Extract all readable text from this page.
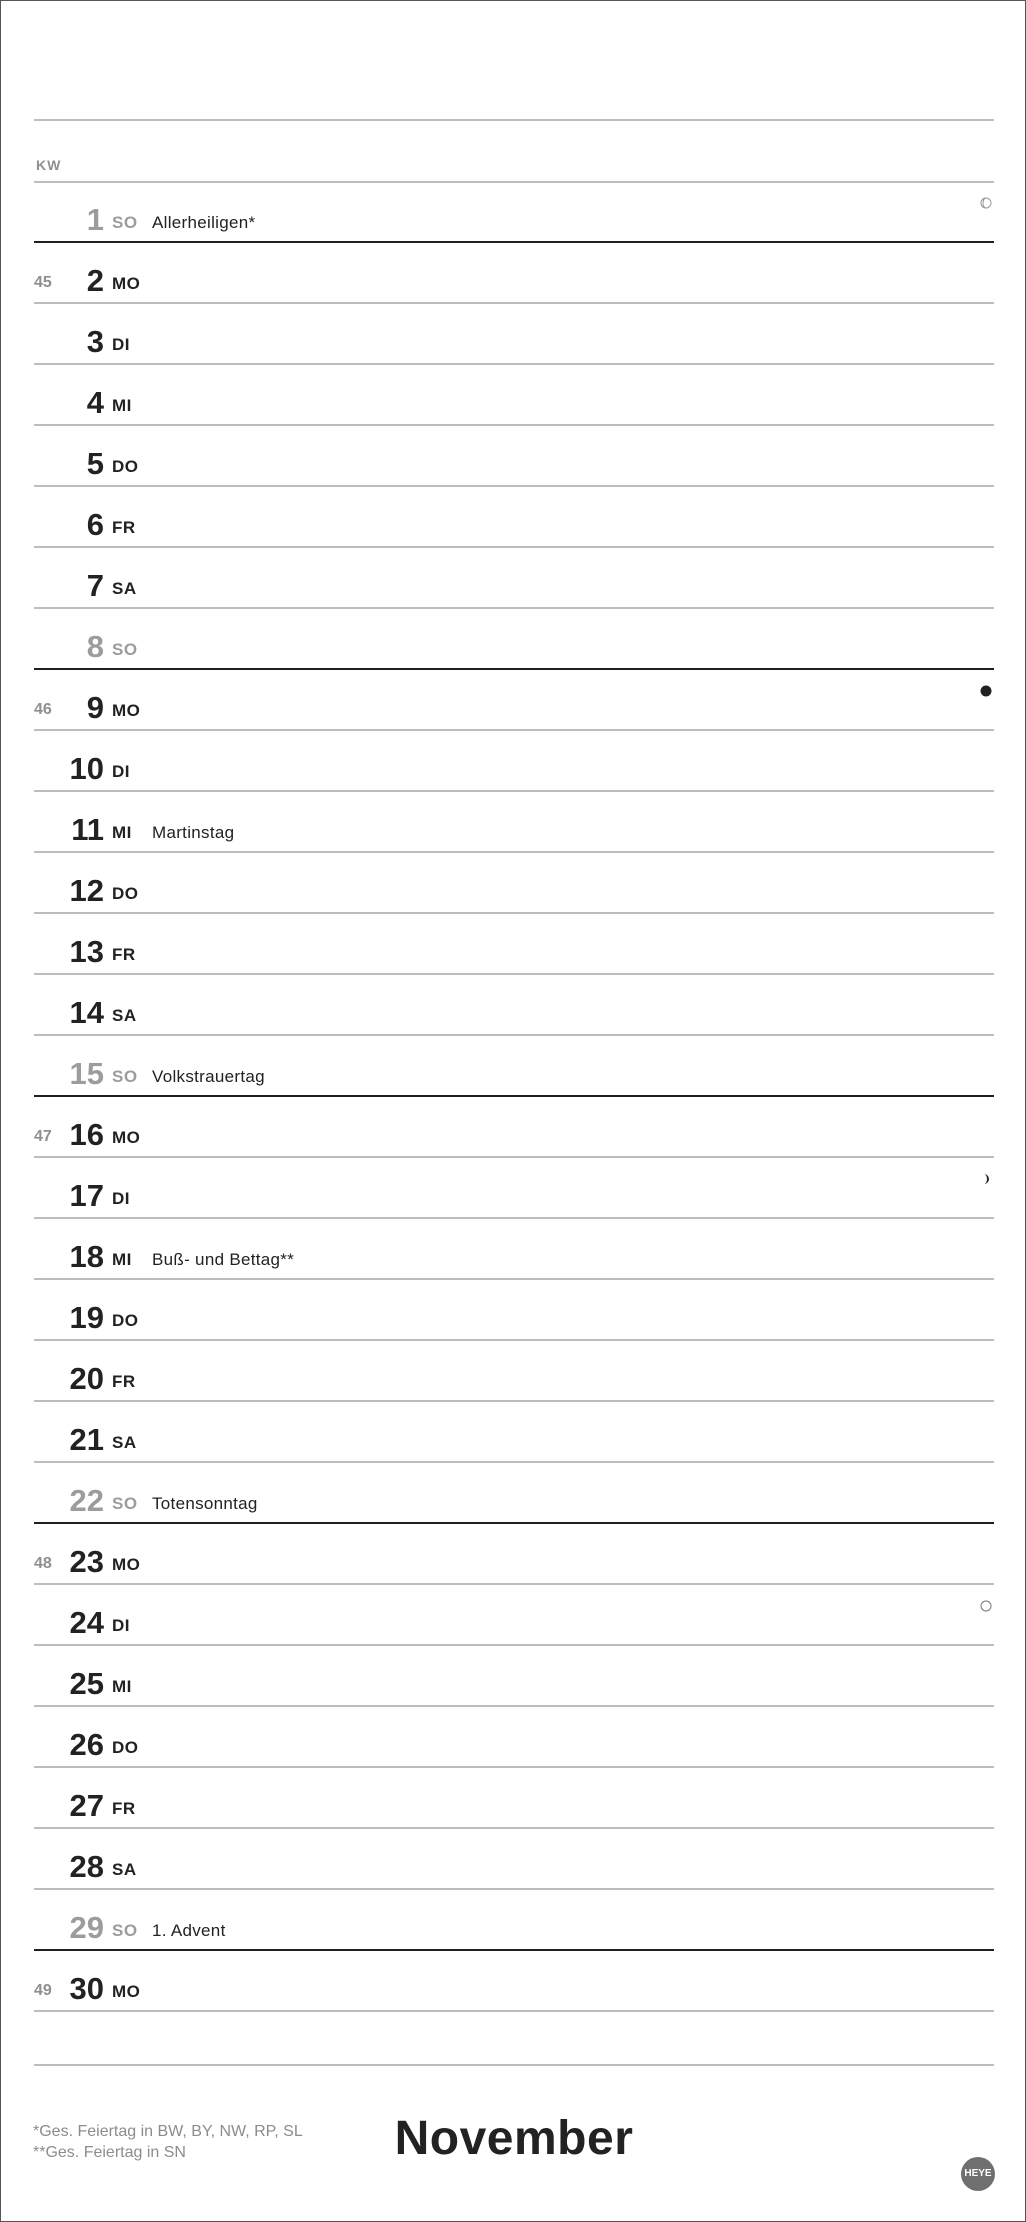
KW
1 SO Allerheiligen*
45 2 MO
3 DI
4 MI
5 DO
6 FR
7 SA
8 SO
46 9 MO
10 DI
11 MI Martinstag
12 DO
13 FR
14 SA
15 SO Volkstrauertag
47 16 MO
17 DI
18 MI Buß- und Bettag**
19 DO
20 FR
21 SA
22 SO Totensonntag
48 23 MO
24 DI
25 MI
26 DO
27 FR
28 SA
29 SO 1. Advent
49 30 MO
*Ges. Feiertag in BW, BY, NW, RP, SL
**Ges. Feiertag in SN	November
HEYE
